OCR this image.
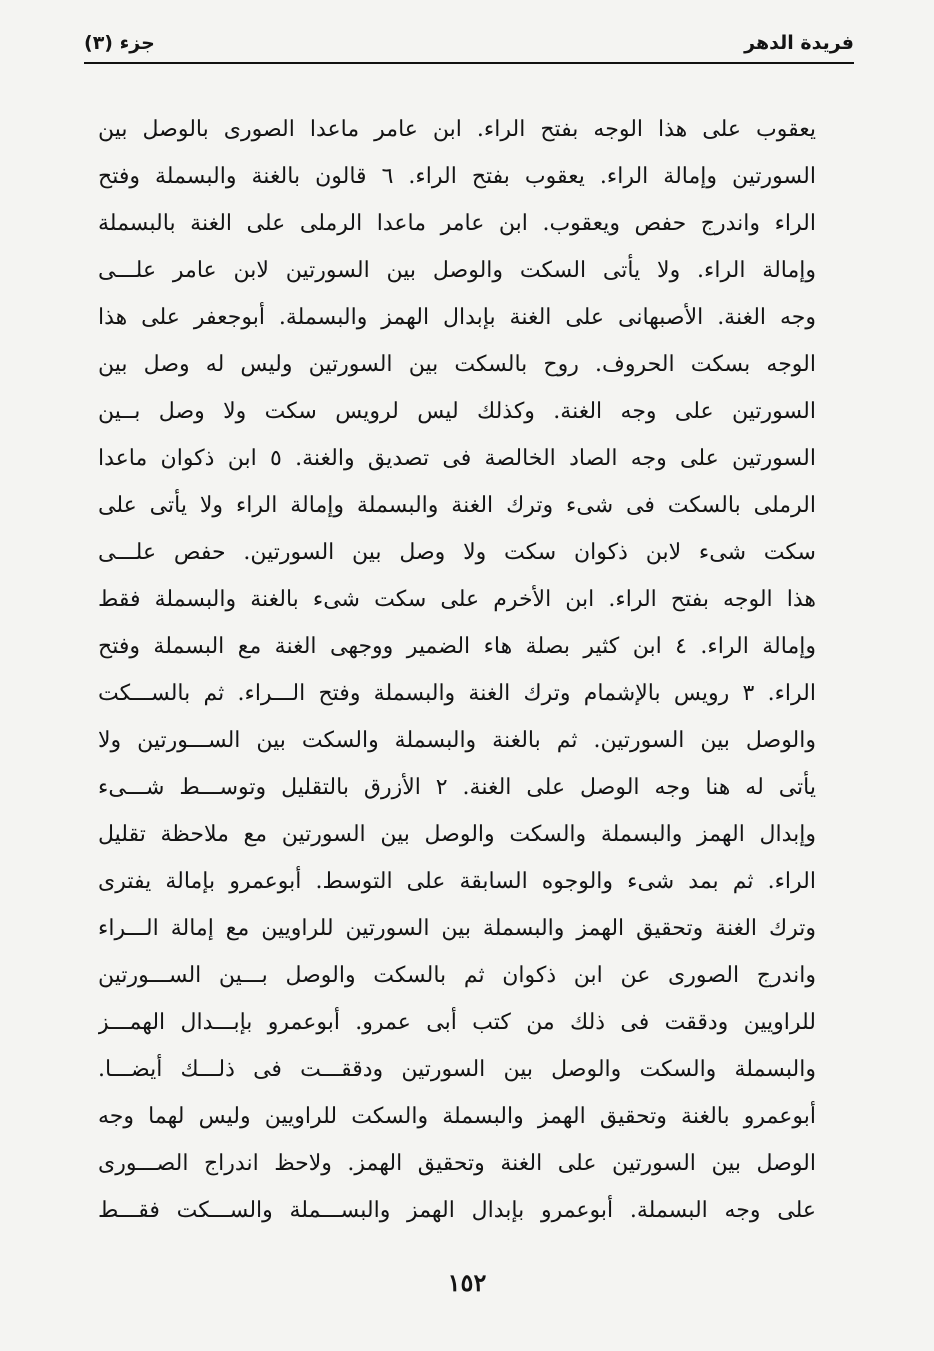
فريدة الدهر
جزء (٣)
يعقوب على هذا الوجه بفتح الراء. ابن عامر ماعدا الصورى بالوصل بين
السورتين وإمالة الراء. يعقوب بفتح الراء. ٦ قالون بالغنة والبسملة وفتح
الراء واندرج حفص ويعقوب. ابن عامر ماعدا الرملى على الغنة بالبسملة
وإمالة الراء. ولا يأتى السكت والوصل بين السورتين لابن عامر علـــى
وجه الغنة. الأصبهانى على الغنة بإبدال الهمز والبسملة. أبوجعفر على هذا
الوجه بسكت الحروف. روح بالسكت بين السورتين وليس له وصل بين
السورتين على وجه الغنة. وكذلك ليس لرويس سكت ولا وصل بــين
السورتين على وجه الصاد الخالصة فى تصديق والغنة. ٥ ابن ذكوان ماعدا
الرملى بالسكت فى شىء وترك الغنة والبسملة وإمالة الراء ولا يأتى على
سكت شىء لابن ذكوان سكت ولا وصل بين السورتين. حفص علـــى
هذا الوجه بفتح الراء. ابن الأخرم على سكت شىء بالغنة والبسملة فقط
وإمالة الراء. ٤ ابن كثير بصلة هاء الضمير ووجهى الغنة مع البسملة وفتح
الراء. ٣ رويس بالإشمام وترك الغنة والبسملة وفتح الـــراء. ثم بالســـكت
والوصل بين السورتين. ثم بالغنة والبسملة والسكت بين الســـورتين ولا
يأتى له هنا وجه الوصل على الغنة. ٢ الأزرق بالتقليل وتوســـط شـــىء
وإبدال الهمز والبسملة والسكت والوصل بين السورتين مع ملاحظة تقليل
الراء. ثم بمد شىء والوجوه السابقة على التوسط. أبوعمرو بإمالة يفترى
وترك الغنة وتحقيق الهمز والبسملة بين السورتين للراويين مع إمالة الـــراء
واندرج الصورى عن ابن ذكوان ثم بالسكت والوصل بـــين الســـورتين
للراويين ودققت فى ذلك من كتب أبى عمرو. أبوعمرو بإبـــدال الهمـــز
والبسملة والسكت والوصل بين السورتين ودققـــت فى ذلـــك أيضـــا.
أبوعمرو بالغنة وتحقيق الهمز والبسملة والسكت للراويين وليس لهما وجه
الوصل بين السورتين على الغنة وتحقيق الهمز. ولاحظ اندراج الصـــورى
على وجه البسملة. أبوعمرو بإبدال الهمز والبســـملة والســـكت فقـــط
١٥٢
